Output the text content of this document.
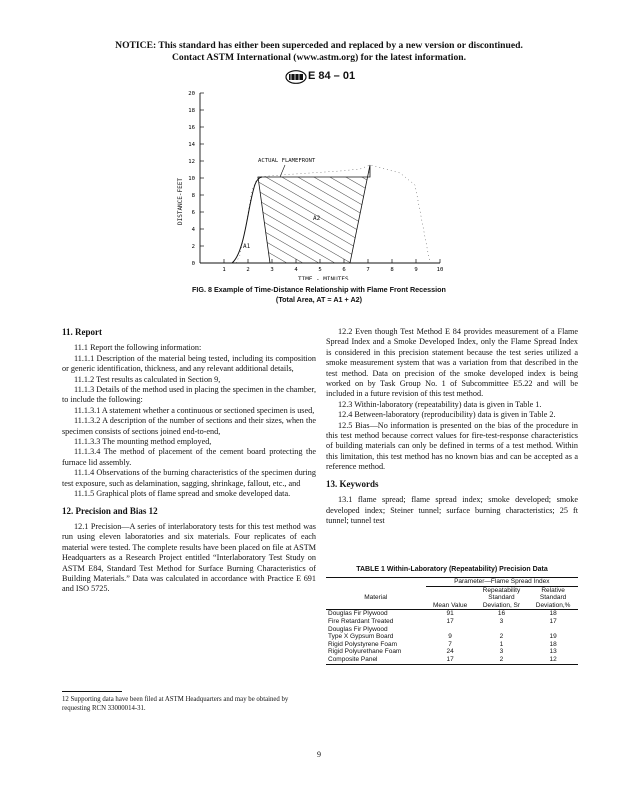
NOTICE: This standard has either been superceded and replaced by a new version or discontinued.
Contact ASTM International (www.astm.org) for the latest information.
E 84 – 01
ACTUAL FLAMEFRONT
A1
A2
DISTANCE-FEET
TIME - MINUTES
0
2
4
6
8
10
12
14
16
18
20
1	2	3	4	5	6	7	8	9	10
FIG. 8 Example of Time-Distance Relationship with Flame Front Recession
(Total Area, AT = A1 + A2)
11. Report

11.1 Report the following information:

11.1.1 Description of the material being tested, including its composition or generic identification, thickness, and any relevant additional details,

11.1.2 Test results as calculated in Section 9,

11.1.3 Details of the method used in placing the specimen in the chamber, to include the following:

11.1.3.1 A statement whether a continuous or sectioned specimen is used,

11.1.3.2 A description of the number of sections and their sizes, when the specimen consists of sections joined end-to-end,

11.1.3.3 The mounting method employed,

11.1.3.4 The method of placement of the cement board protecting the furnace lid assembly.

11.1.4 Observations of the burning characteristics of the specimen during test exposure, such as delamination, sagging, shrinkage, fallout, etc., and

11.1.5 Graphical plots of flame spread and smoke developed data.

12. Precision and Bias 12

12.1 Precision—A series of interlaboratory tests for this test method was run using eleven laboratories and six materials. Four replicates of each material were tested. The complete results have been placed on file at ASTM Headquarters as a Research Project entitled “Interlaboratory Test Study on ASTM E84, Standard Test Method for Surface Burning Characteristics of Building Materials.” Data was calculated in accordance with Practice E 691 and ISO 5725.

12 Supporting data have been filed at ASTM Headquarters and may be obtained by requesting RCN 33000014-31.

12.2 Even though Test Method E 84 provides measurement of a Flame Spread Index and a Smoke Developed Index, only the Flame Spread Index is considered in this precision statement because the test series utilized a smoke measurement system that was a variation from that described in the test method. Data on precision of the smoke developed index is being worked on by Task Group No. 1 of Subcommittee E5.22 and will be included in a future revision of this test method.

12.3 Within-laboratory (repeatability) data is given in Table 1.

12.4 Between-laboratory (reproducibility) data is given in Table 2.

12.5 Bias—No information is presented on the bias of the procedure in this test method because correct values for fire-test-response characteristics of building materials can only be defined in terms of a test method. Within this limitation, this test method has no known bias and can be accepted as a reference method.

13. Keywords

13.1 flame spread; flame spread index; smoke developed; smoke developed index; Steiner tunnel; surface burning characteristics; 25 ft tunnel; tunnel test

TABLE 1 Within-Laboratory (Repeatability) Precision Data
	Parameter—Flame Spread Index		
		Repeatability	Relative
Material		Standard	Standard
	Mean Value	Deviation, Sr	Deviation,%
Douglas Fir Plywood	91	16	18
Fire Retardant Treated	17	3	17
Douglas Fir Plywood			
Type X Gypsum Board	9	2	19
Rigid Polystyrene Foam	7	1	18
Rigid Polyurethane Foam	24	3	13
Composite Panel	17	2	12
9
